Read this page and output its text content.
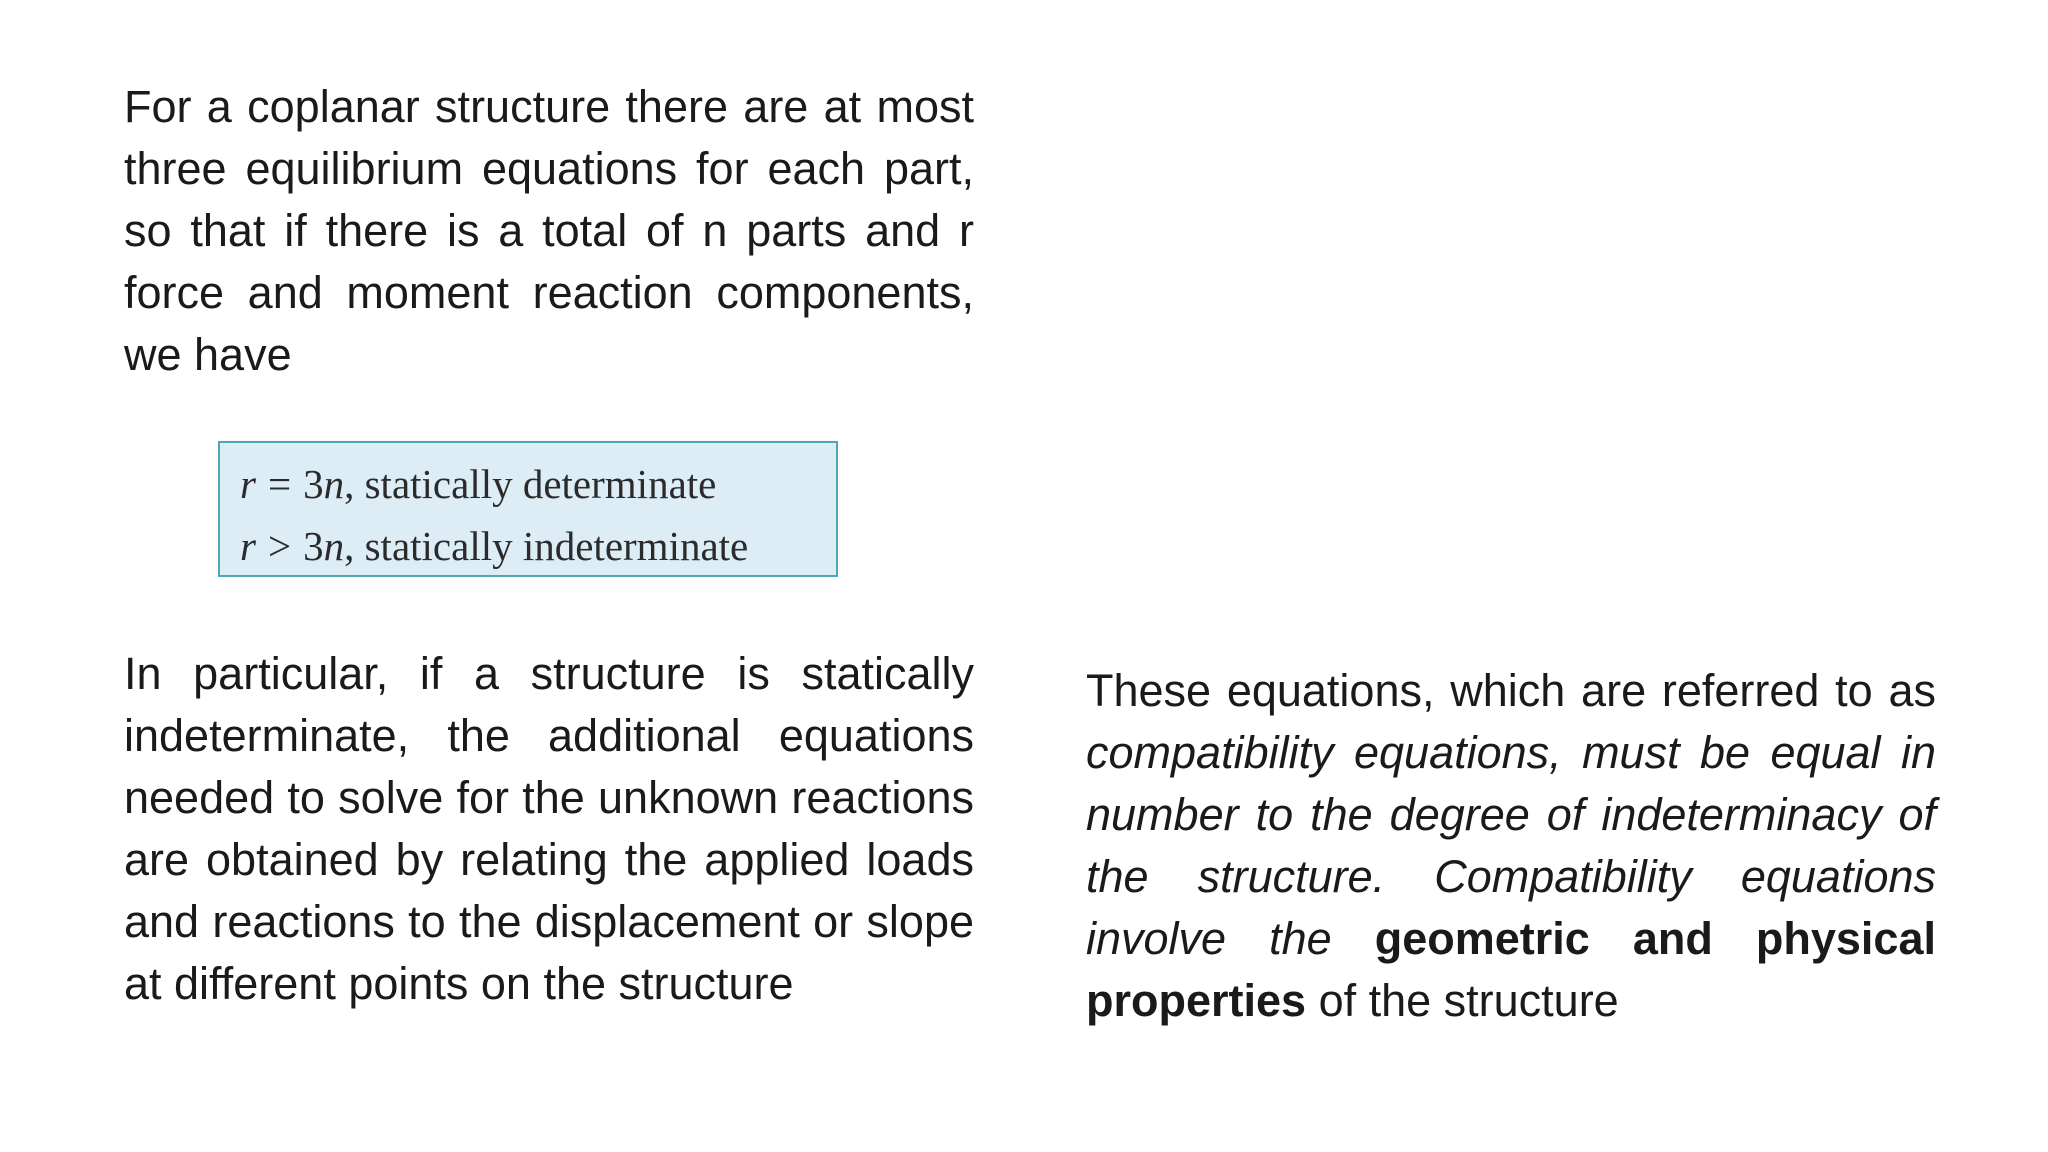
For a coplanar structure there are at most three equilibrium equations for each part, so that if there is a total of n parts and r force and moment reaction components, we have

r = 3n, statically determinate
r > 3n, statically indeterminate

In particular, if a structure is statically indeterminate, the additional equations needed to solve for the unknown reactions are obtained by relating the applied loads and reactions to the displacement or slope at different points on the structure

These equations, which are referred to as compatibility equations, must be equal in number to the degree of indeterminacy of the structure. Compatibility equations involve the geometric and physical properties of the structure
